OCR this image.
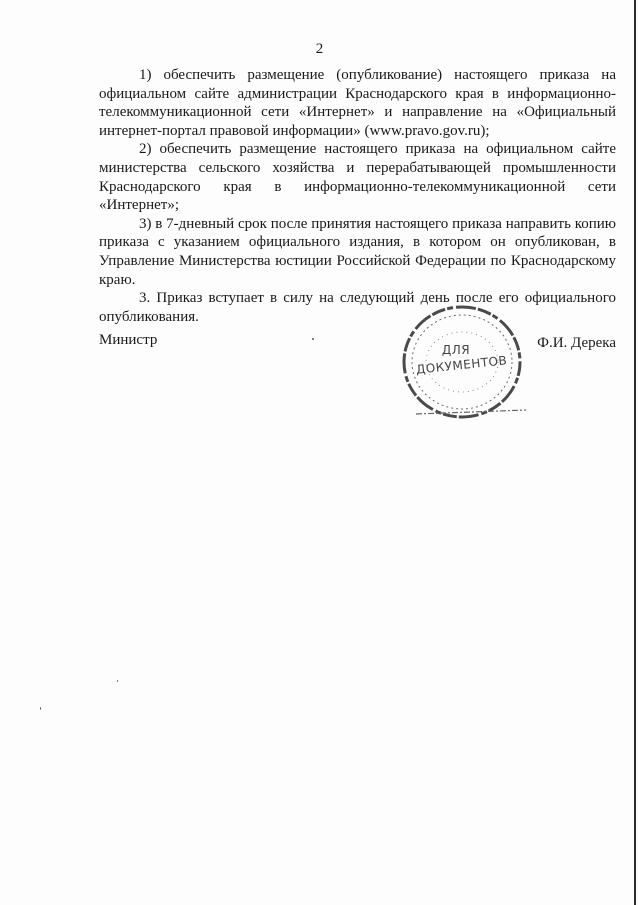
2

1) обеспечить размещение (опубликование) настоящего приказа на официальном сайте администрации Краснодарского края в информационно-телекоммуникационной сети «Интернет» и направление на «Официальный интернет-портал правовой информации» (www.pravo.gov.ru);

2) обеспечить размещение настоящего приказа на официальном сайте министерства сельского хозяйства и перерабатывающей промышленности Краснодарского края в информационно-телекоммуникационной сети «Интернет»;

3) в 7-дневный срок после принятия настоящего приказа направить копию приказа с указанием официального издания, в котором он опубликован, в Управление Министерства юстиции Российской Федерации по Краснодарскому краю.

3. Приказ вступает в силу на следующий день после его официального опубликования.

Министр	Ф.И. Дерека
ДЛЯ
ДОКУМЕНТОВ
